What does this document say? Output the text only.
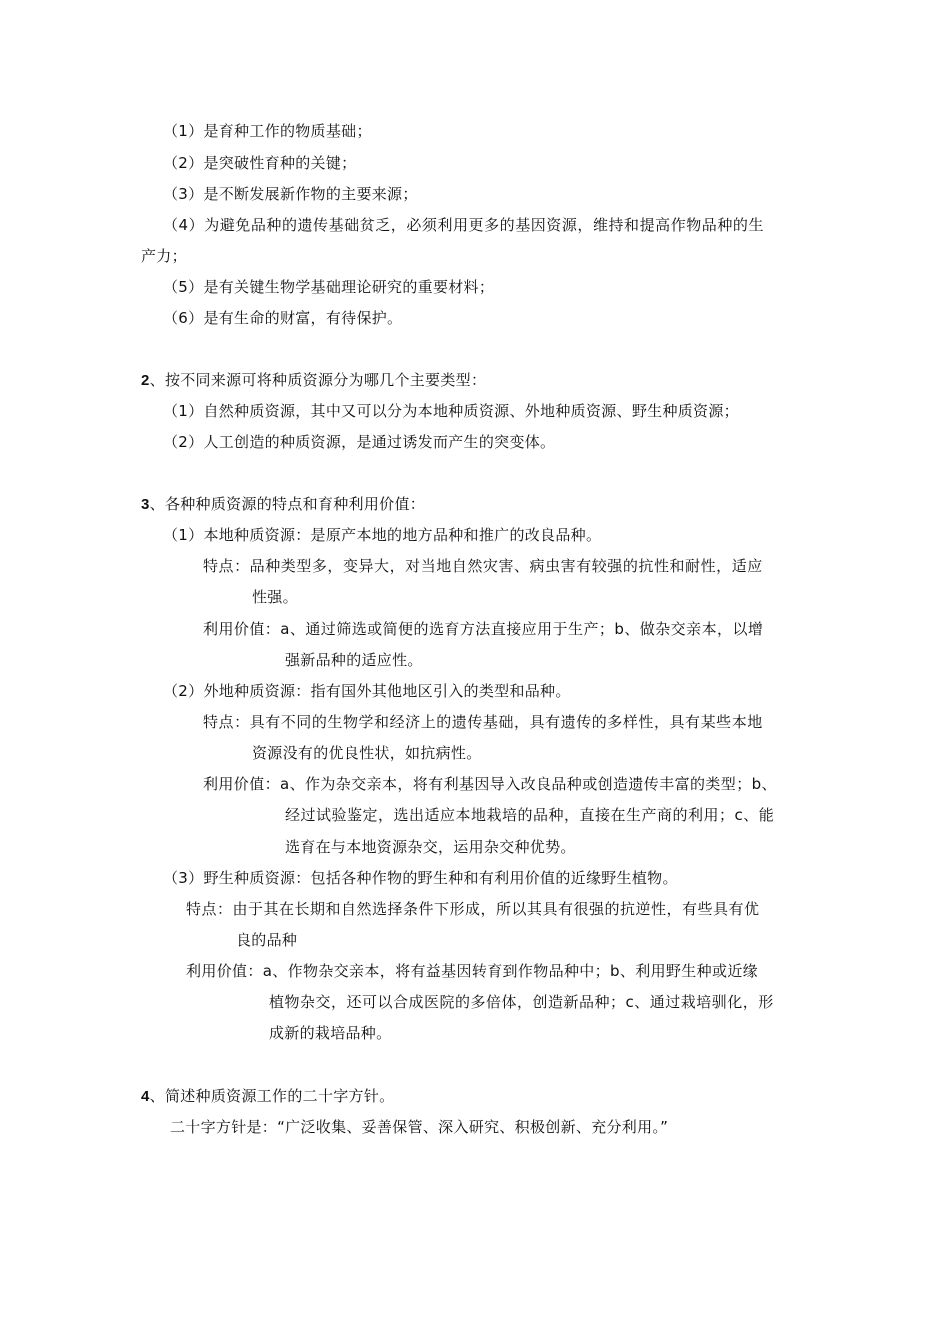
（1）是育种工作的物质基础；
（2）是突破性育种的关键；
（3）是不断发展新作物的主要来源；
（4）为避免品种的遗传基础贫乏，必须利用更多的基因资源，维持和提高作物品种的生
产力；
（5）是有关键生物学基础理论研究的重要材料；
（6）是有生命的财富，有待保护。
2、按不同来源可将种质资源分为哪几个主要类型：
（1）自然种质资源，其中又可以分为本地种质资源、外地种质资源、野生种质资源；
（2）人工创造的种质资源，是通过诱发而产生的突变体。
3、各种种质资源的特点和育种利用价值：
（1）本地种质资源：是原产本地的地方品种和推广的改良品种。
特点：品种类型多，变异大，对当地自然灾害、病虫害有较强的抗性和耐性，适应
性强。
利用价值：a、通过筛选或简便的选育方法直接应用于生产；b、做杂交亲本，以增
强新品种的适应性。
（2）外地种质资源：指有国外其他地区引入的类型和品种。
特点：具有不同的生物学和经济上的遗传基础，具有遗传的多样性，具有某些本地
资源没有的优良性状，如抗病性。
利用价值：a、作为杂交亲本，将有利基因导入改良品种或创造遗传丰富的类型；b、
经过试验鉴定，选出适应本地栽培的品种，直接在生产商的利用；c、能
选育在与本地资源杂交，运用杂交种优势。
（3）野生种质资源：包括各种作物的野生种和有利用价值的近缘野生植物。
特点：由于其在长期和自然选择条件下形成，所以其具有很强的抗逆性，有些具有优
良的品种
利用价值：a、作物杂交亲本，将有益基因转育到作物品种中；b、利用野生种或近缘
植物杂交，还可以合成医院的多倍体，创造新品种；c、通过栽培驯化，形
成新的栽培品种。
4、简述种质资源工作的二十字方针。
二十字方针是：“广泛收集、妥善保管、深入研究、积极创新、充分利用。”
